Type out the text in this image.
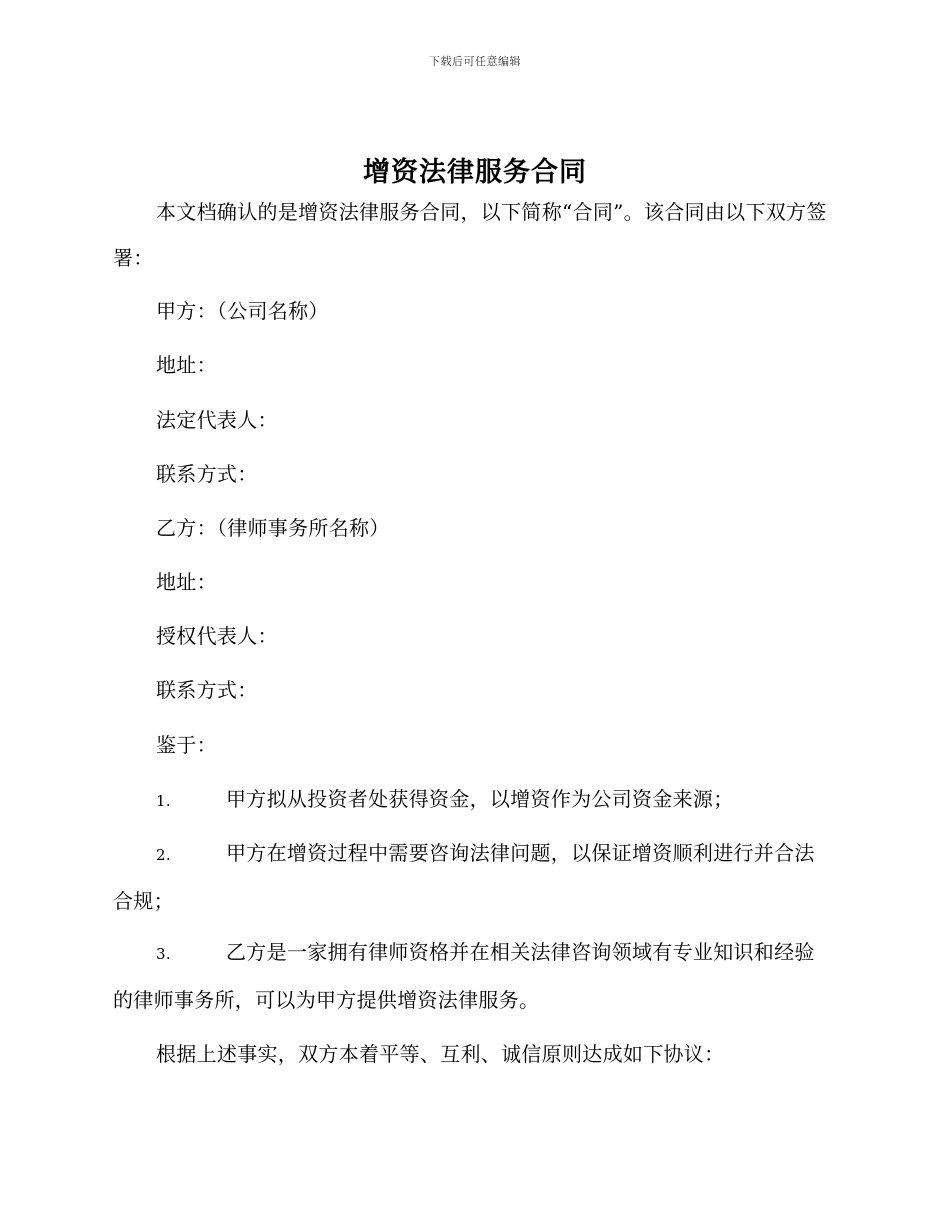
下载后可任意编辑
增资法律服务合同
本文档确认的是增资法律服务合同，以下简称“合同”。该合同由以下双方签署：
甲方：（公司名称）
地址：
法定代表人：
联系方式：
乙方：（律师事务所名称）
地址：
授权代表人：
联系方式：
鉴于：
1.	甲方拟从投资者处获得资金，以增资作为公司资金来源；
2.	甲方在增资过程中需要咨询法律问题，以保证增资顺利进行并合法合规；
3.	乙方是一家拥有律师资格并在相关法律咨询领域有专业知识和经验的律师事务所，可以为甲方提供增资法律服务。
根据上述事实，双方本着平等、互利、诚信原则达成如下协议：
